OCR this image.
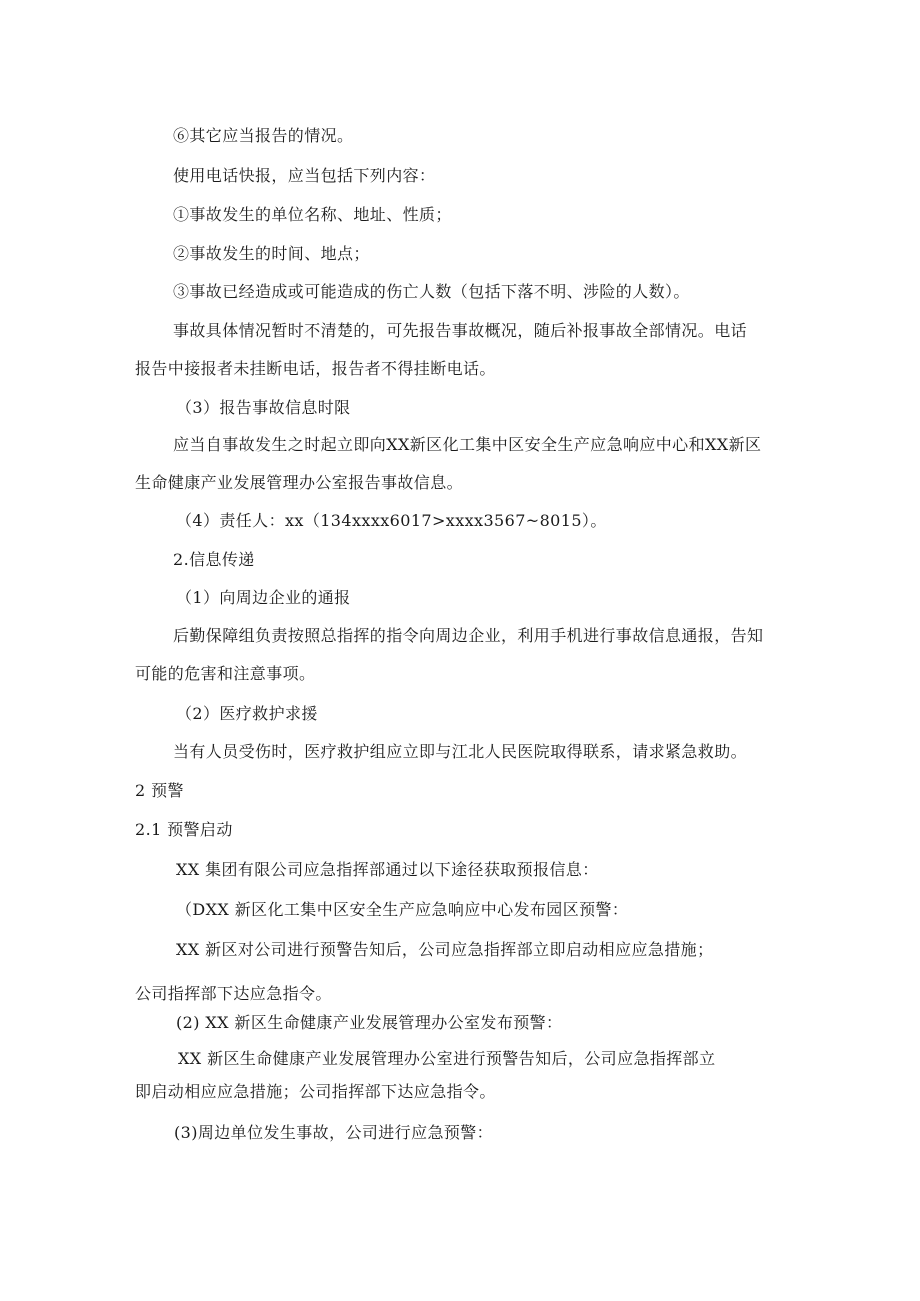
⑥其它应当报告的情况。
使用电话快报，应当包括下列内容：
①事故发生的单位名称、地址、性质；
②事故发生的时间、地点；
③事故已经造成或可能造成的伤亡人数（包括下落不明、涉险的人数）。
事故具体情况暂时不清楚的，可先报告事故概况，随后补报事故全部情况。电话
报告中接报者未挂断电话，报告者不得挂断电话。
（3）报告事故信息时限
应当自事故发生之时起立即向XX新区化工集中区安全生产应急响应中心和XX新区
生命健康产业发展管理办公室报告事故信息。
（4）责任人：xx（134xxxx6017>xxxx3567~8015）。
2.信息传递
（1）向周边企业的通报
后勤保障组负责按照总指挥的指令向周边企业，利用手机进行事故信息通报，告知
可能的危害和注意事项。
（2）医疗救护求援
当有人员受伤时，医疗救护组应立即与江北人民医院取得联系，请求紧急救助。
2 预警
2.1 预警启动
XX 集团有限公司应急指挥部通过以下途径获取预报信息：
（DXX 新区化工集中区安全生产应急响应中心发布园区预警：
XX 新区对公司进行预警告知后，公司应急指挥部立即启动相应应急措施；
公司指挥部下达应急指令。
(2) XX 新区生命健康产业发展管理办公室发布预警：
XX 新区生命健康产业发展管理办公室进行预警告知后，公司应急指挥部立
即启动相应应急措施；公司指挥部下达应急指令。
(3)周边单位发生事故，公司进行应急预警：
